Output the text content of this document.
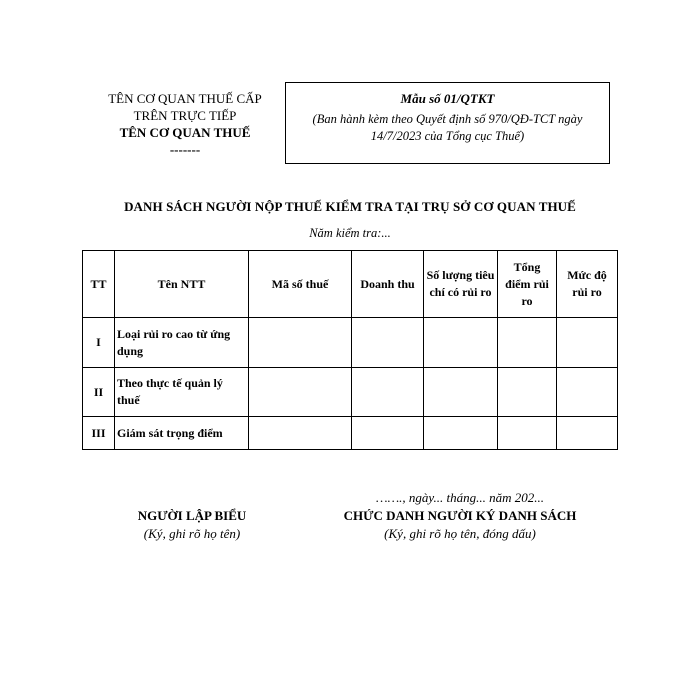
TÊN CƠ QUAN THUẾ CẤP
TRÊN TRỰC TIẾP
TÊN CƠ QUAN THUẾ
-------
Mẫu số 01/QTKT
(Ban hành kèm theo Quyết định số 970/QĐ-TCT ngày 14/7/2023 của Tổng cục Thuế)
DANH SÁCH NGƯỜI NỘP THUẾ KIỂM TRA TẠI TRỤ SỞ CƠ QUAN THUẾ
Năm kiểm tra:...
TT	Tên NTT	Mã số thuế	Doanh thu	Số lượng tiêu chí có rủi ro	Tổng điểm rủi ro	Mức độ rủi ro
I	Loại rủi ro cao từ ứng dụng					
II	Theo thực tế quản lý thuế					
III	Giám sát trọng điểm					
NGƯỜI LẬP BIỂU
(Ký, ghi rõ họ tên)
……., ngày... tháng... năm 202...
CHỨC DANH NGƯỜI KÝ DANH SÁCH
(Ký, ghi rõ họ tên, đóng dấu)
